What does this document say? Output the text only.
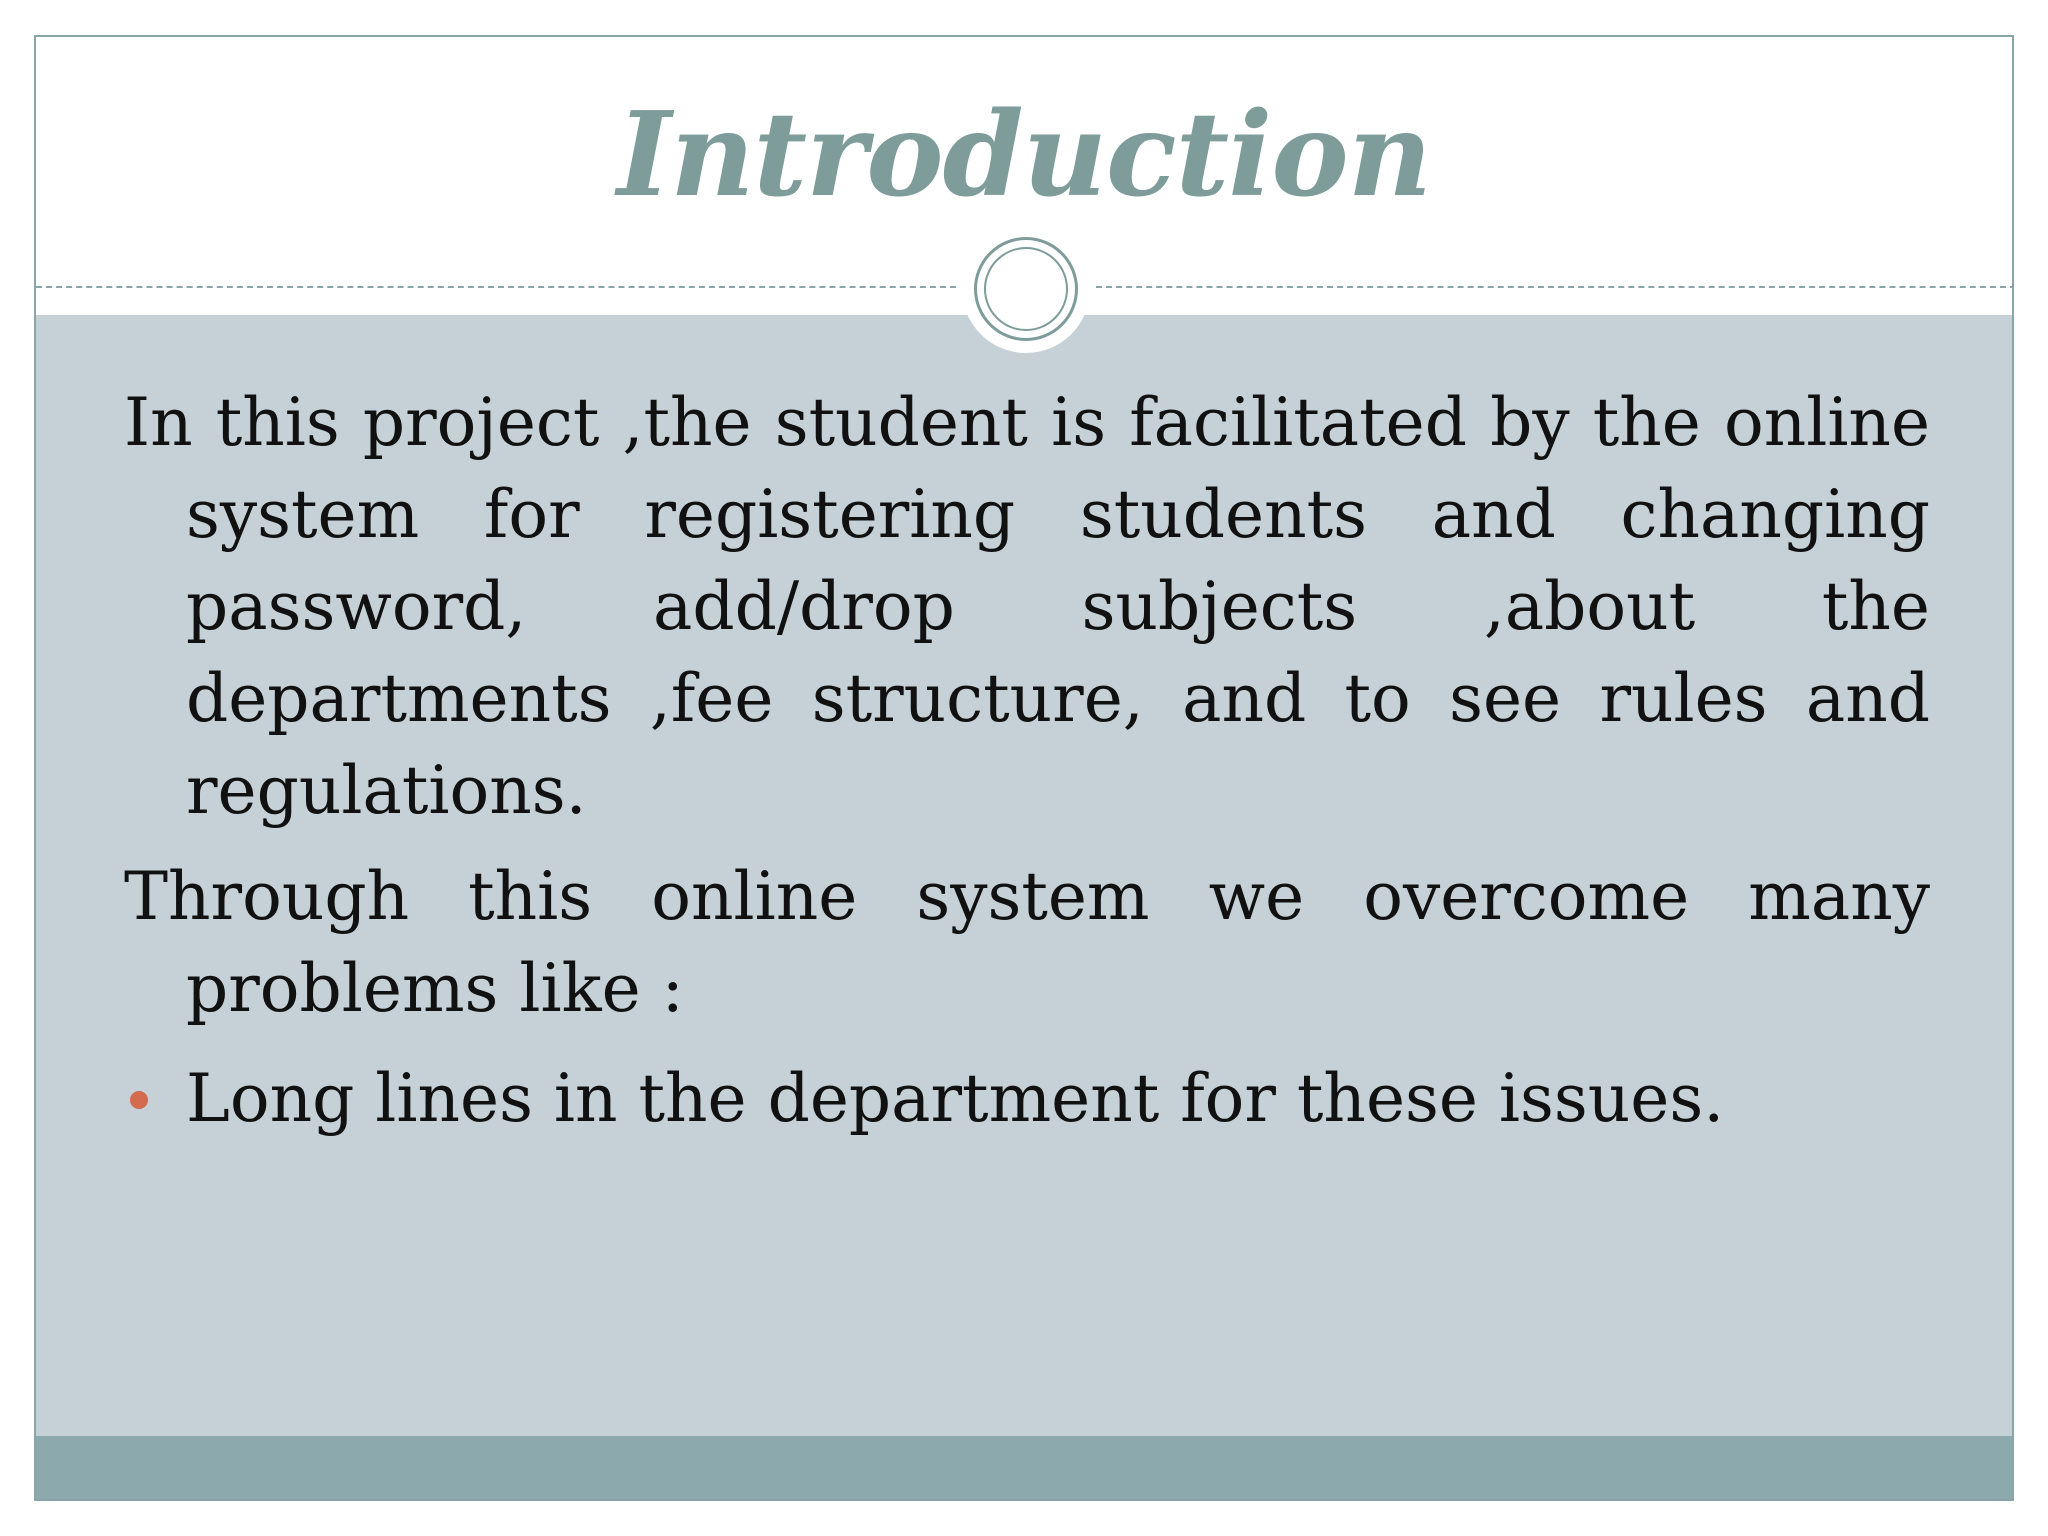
Introduction

In this project ,the student is facilitated by the online system for registering students and changing password, add/drop subjects ,about the departments ,fee structure, and to see rules and regulations.

Through this online system we overcome many problems like :

Long lines in the department for these issues.
